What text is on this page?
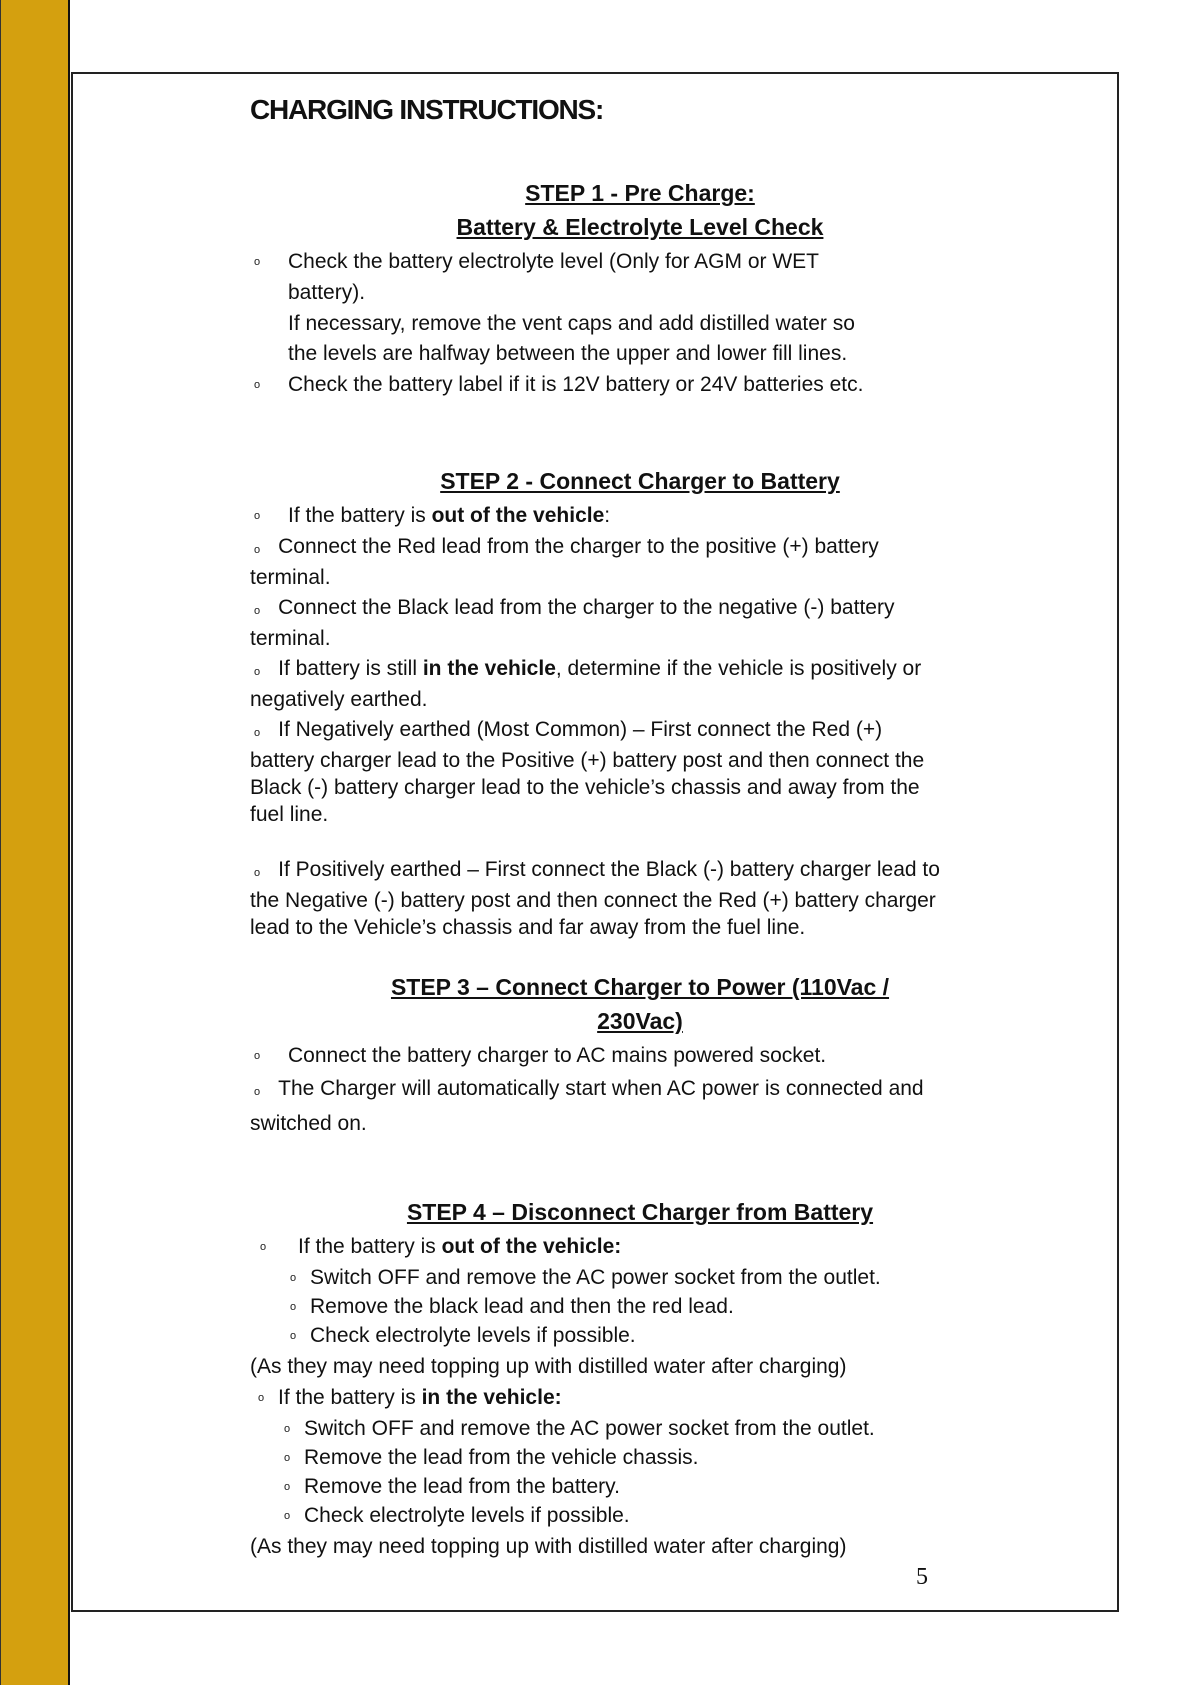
CHARGING INSTRUCTIONS:

STEP 1 - Pre Charge:

Battery & Electrolyte Level Check

o Check the battery electrolyte level (Only for AGM or WET
battery).
If necessary, remove the vent caps and add distilled water so
the levels are halfway between the upper and lower fill lines.
o Check the battery label if it is 12V battery or 24V batteries etc.

STEP 2 - Connect Charger to Battery

o If the battery is out of the vehicle:

o Connect the Red lead from the charger to the positive (+) battery terminal.

o Connect the Black lead from the charger to the negative (-) battery terminal.

o If battery is still in the vehicle, determine if the vehicle is positively or negatively earthed.

o If Negatively earthed (Most Common) – First connect the Red (+) battery charger lead to the Positive (+) battery post and then connect the Black (-) battery charger lead to the vehicle’s chassis and away from the fuel line.

o If Positively earthed – First connect the Black (-) battery charger lead to the Negative (-) battery post and then connect the Red (+) battery charger lead to the Vehicle’s chassis and far away from the fuel line.

STEP 3 – Connect Charger to Power (110Vac /

230Vac)

o Connect the battery charger to AC mains powered socket.

o The Charger will automatically start when AC power is connected and switched on.

STEP 4 – Disconnect Charger from Battery

o If the battery is out of the vehicle:
o Switch OFF and remove the AC power socket from the outlet.
o Remove the black lead and then the red lead.
o Check electrolyte levels if possible.

(As they may need topping up with distilled water after charging)

o If the battery is in the vehicle:
o Switch OFF and remove the AC power socket from the outlet.
o Remove the lead from the vehicle chassis.
o Remove the lead from the battery.
o Check electrolyte levels if possible.

(As they may need topping up with distilled water after charging)

5
